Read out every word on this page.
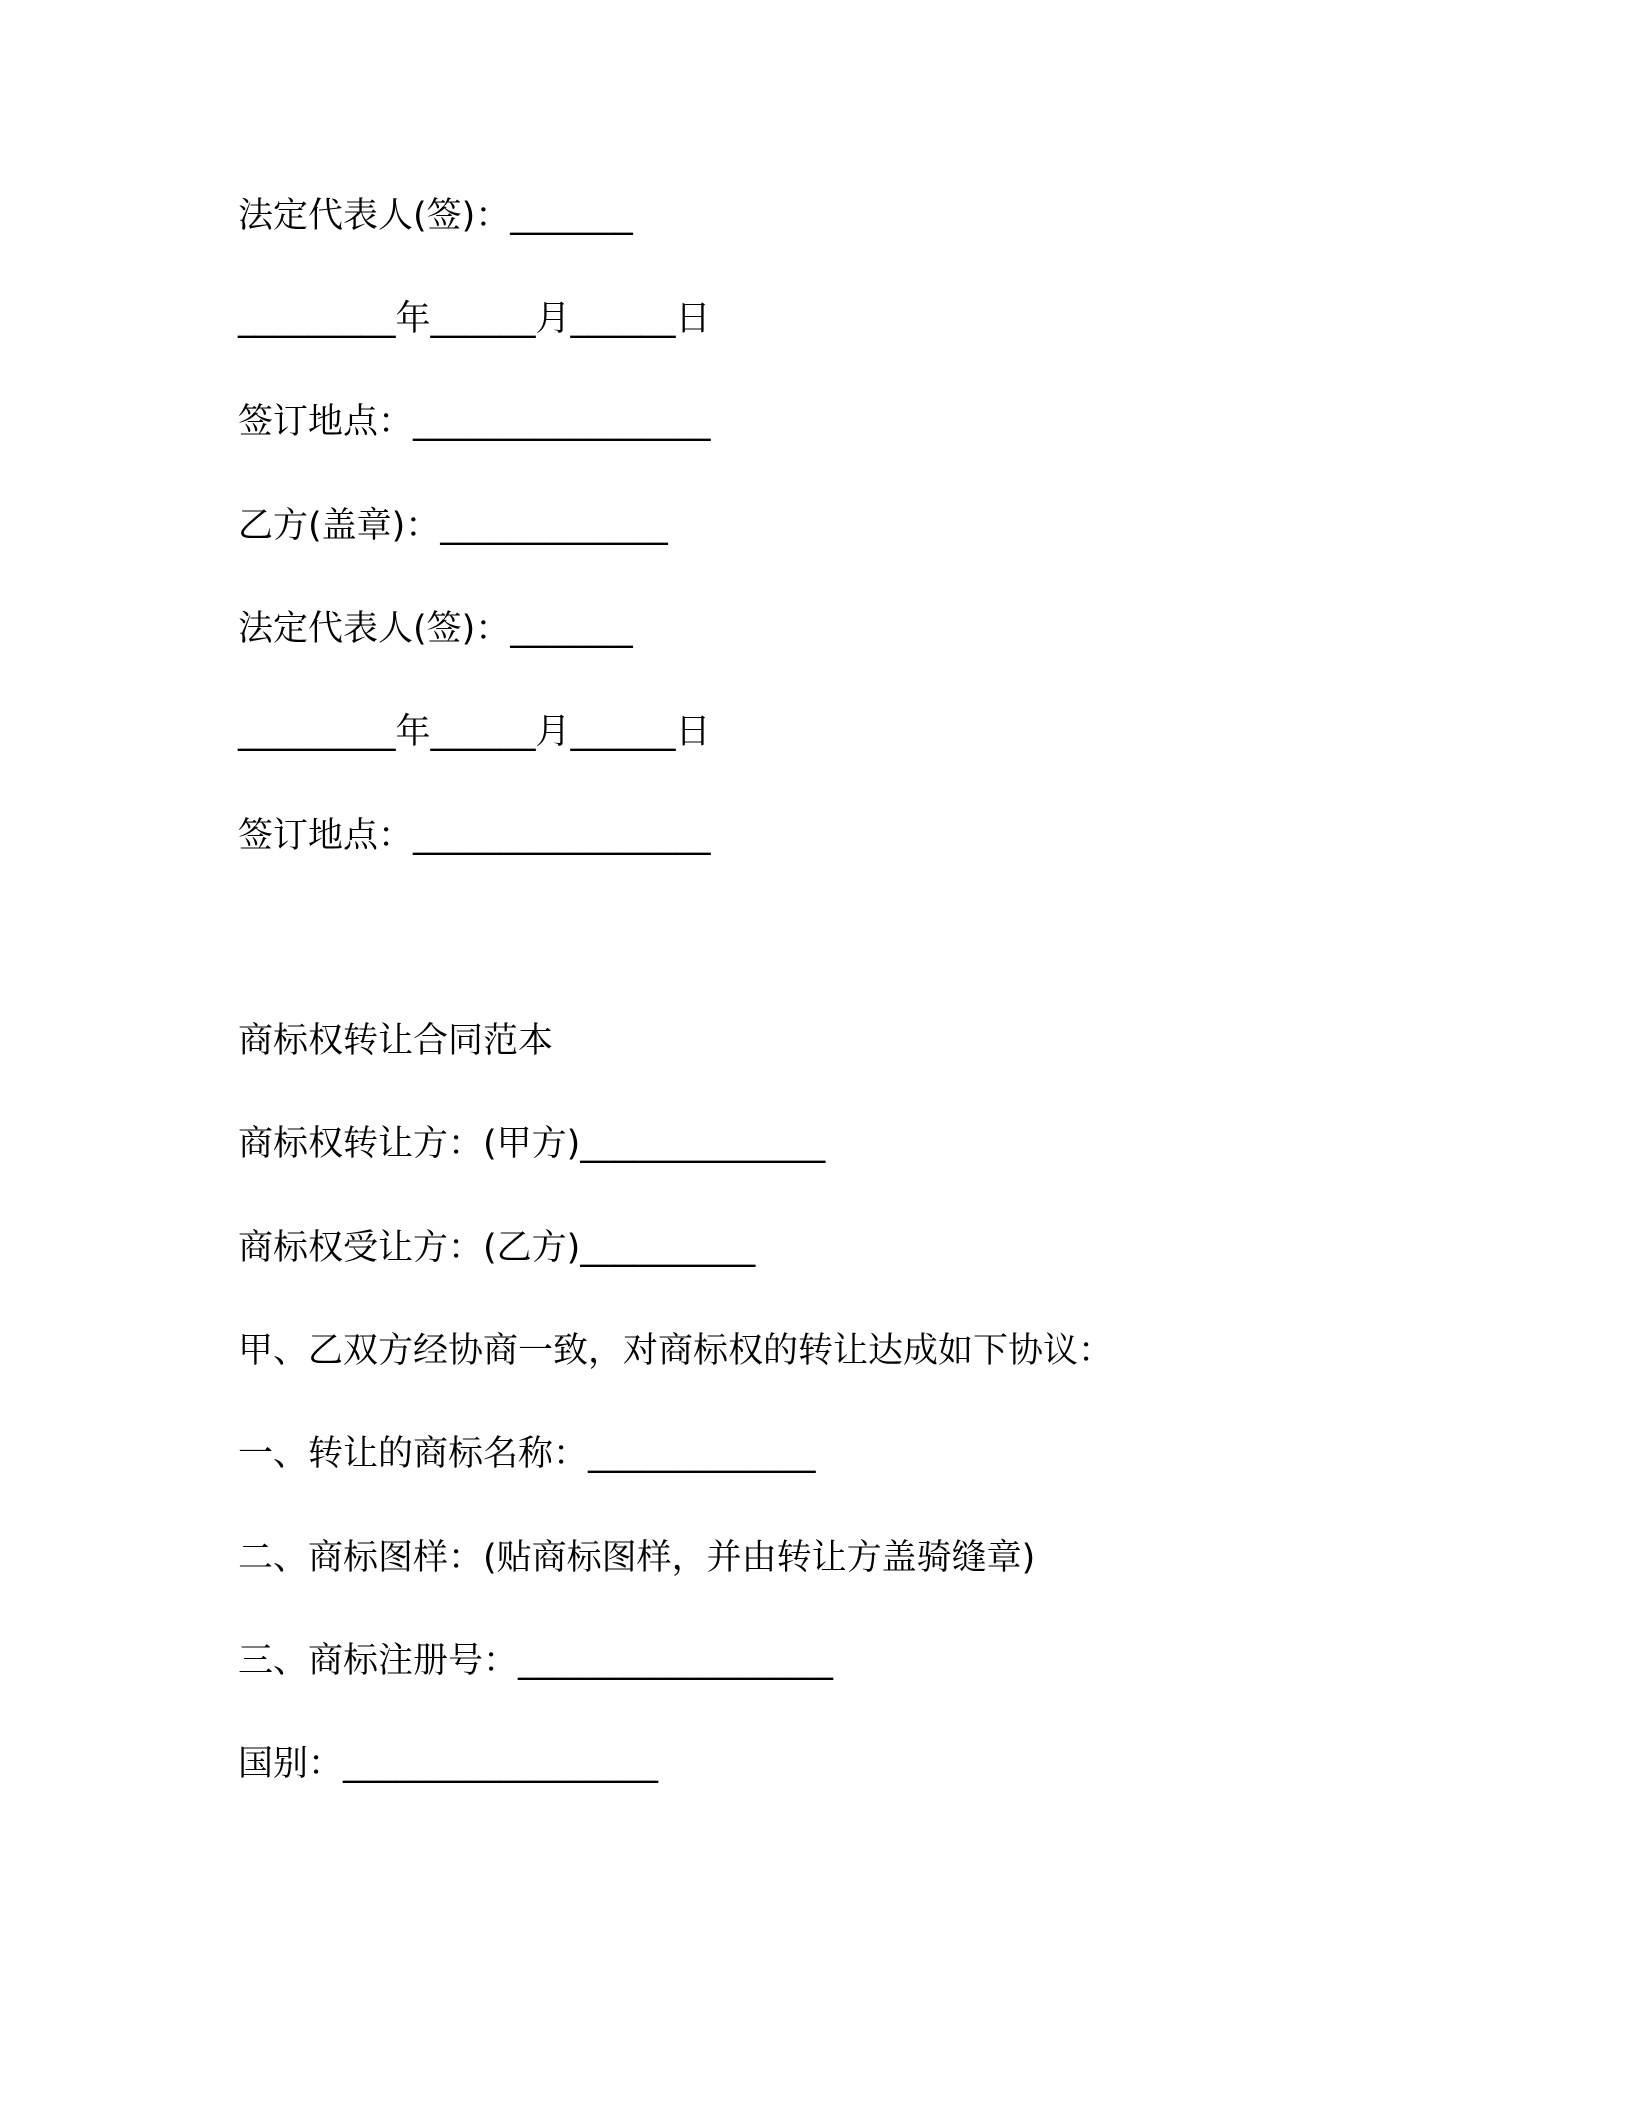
法定代表人(签)：_______

_________年______月______日

签订地点：_________________

乙方(盖章)：_____________

法定代表人(签)：_______

_________年______月______日

签订地点：_________________

商标权转让合同范本

商标权转让方：(甲方)______________

商标权受让方：(乙方)__________

甲、乙双方经协商一致，对商标权的转让达成如下协议：

一、转让的商标名称：_____________

二、商标图样：(贴商标图样，并由转让方盖骑缝章)

三、商标注册号：__________________

国别：__________________
